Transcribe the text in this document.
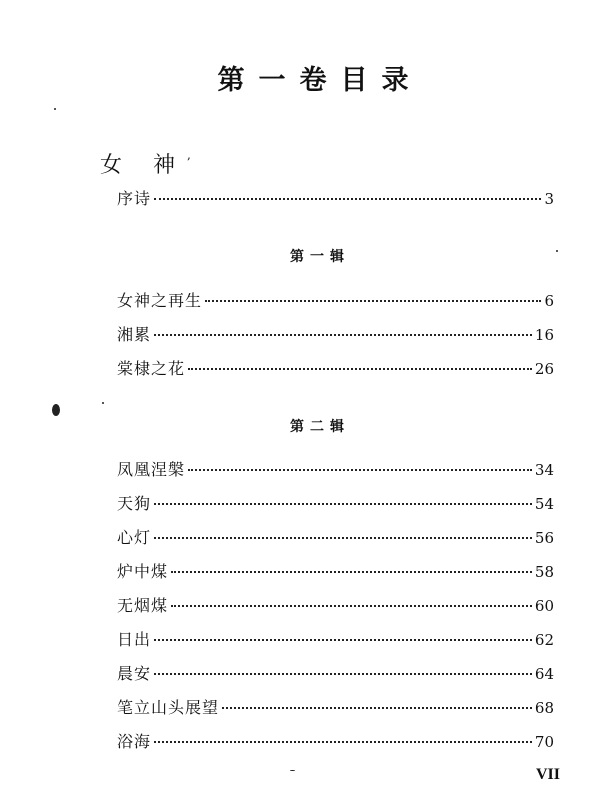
第一卷目录
女 神,
序诗	3
第一辑
女神之再生	6
湘累	16
棠棣之花	26
第二辑
凤凰涅槃	34
天狗	54
心灯	56
炉中煤	58
无烟煤	60
日出	62
晨安	64
笔立山头展望	68
浴海	70
VII
